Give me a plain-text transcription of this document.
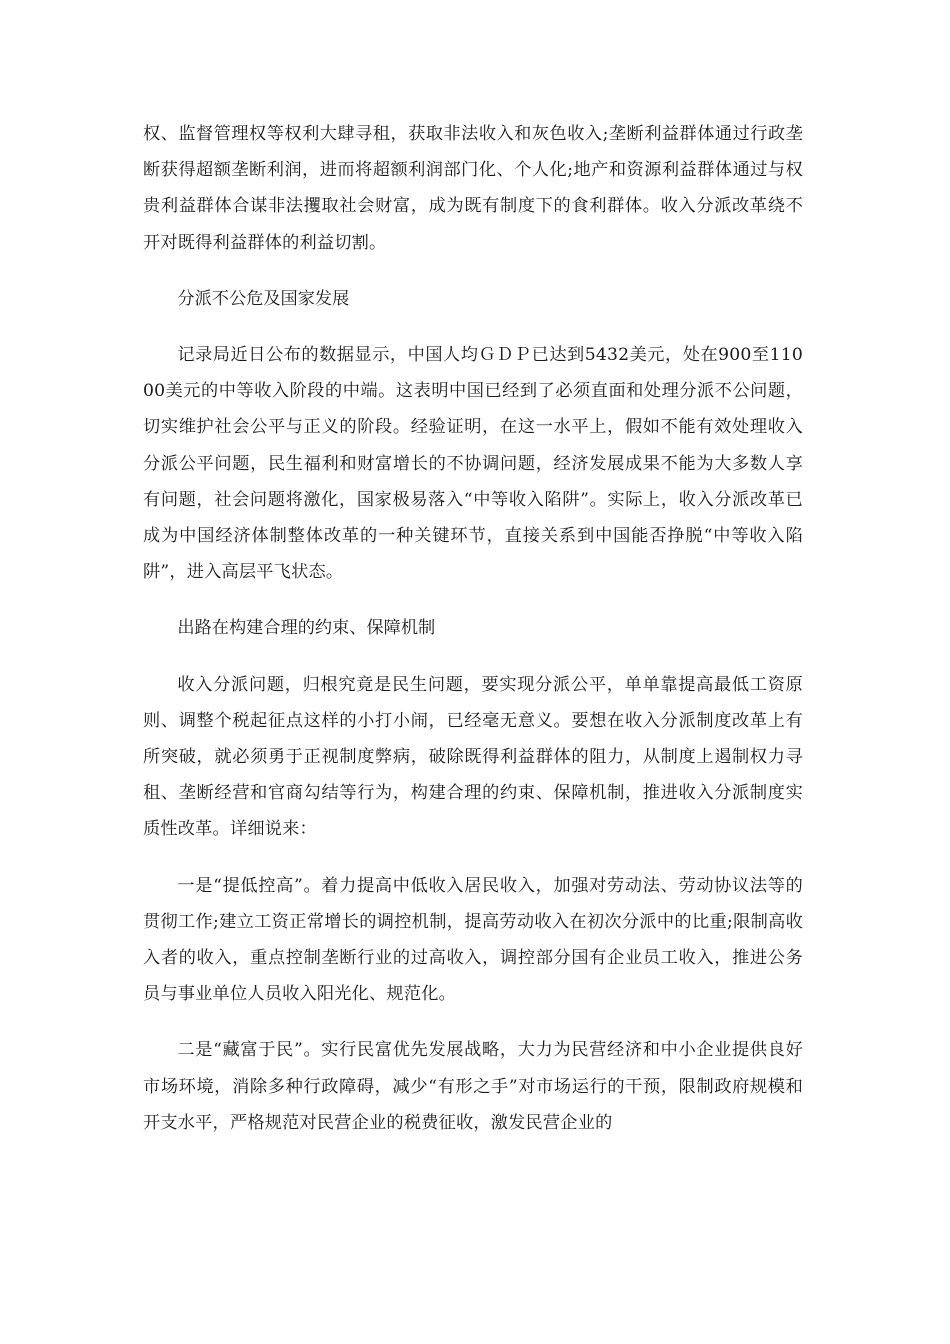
权、监督管理权等权利大肆寻租，获取非法收入和灰色收入;垄断利益群体通过行政垄断获得超额垄断利润，进而将超额利润部门化、个人化;地产和资源利益群体通过与权贵利益群体合谋非法攫取社会财富，成为既有制度下的食利群体。收入分派改革绕不开对既得利益群体的利益切割。

分派不公危及国家发展

记录局近日公布的数据显示，中国人均ＧＤＰ已达到5432美元，处在900至11000美元的中等收入阶段的中端。这表明中国已经到了必须直面和处理分派不公问题，切实维护社会公平与正义的阶段。经验证明，在这一水平上，假如不能有效处理收入分派公平问题，民生福利和财富增长的不协调问题，经济发展成果不能为大多数人享有问题，社会问题将激化，国家极易落入“中等收入陷阱”。实际上，收入分派改革已成为中国经济体制整体改革的一种关键环节，直接关系到中国能否挣脱“中等收入陷阱”，进入高层平飞状态。

出路在构建合理的约束、保障机制

收入分派问题，归根究竟是民生问题，要实现分派公平，单单靠提高最低工资原则、调整个税起征点这样的小打小闹，已经毫无意义。要想在收入分派制度改革上有所突破，就必须勇于正视制度弊病，破除既得利益群体的阻力，从制度上遏制权力寻租、垄断经营和官商勾结等行为，构建合理的约束、保障机制，推进收入分派制度实质性改革。详细说来：

一是“提低控高”。着力提高中低收入居民收入，加强对劳动法、劳动协议法等的贯彻工作;建立工资正常增长的调控机制，提高劳动收入在初次分派中的比重;限制高收入者的收入，重点控制垄断行业的过高收入，调控部分国有企业员工收入，推进公务员与事业单位人员收入阳光化、规范化。

二是“藏富于民”。实行民富优先发展战略，大力为民营经济和中小企业提供良好市场环境，消除多种行政障碍，减少“有形之手”对市场运行的干预，限制政府规模和开支水平，严格规范对民营企业的税费征收，激发民营企业的
